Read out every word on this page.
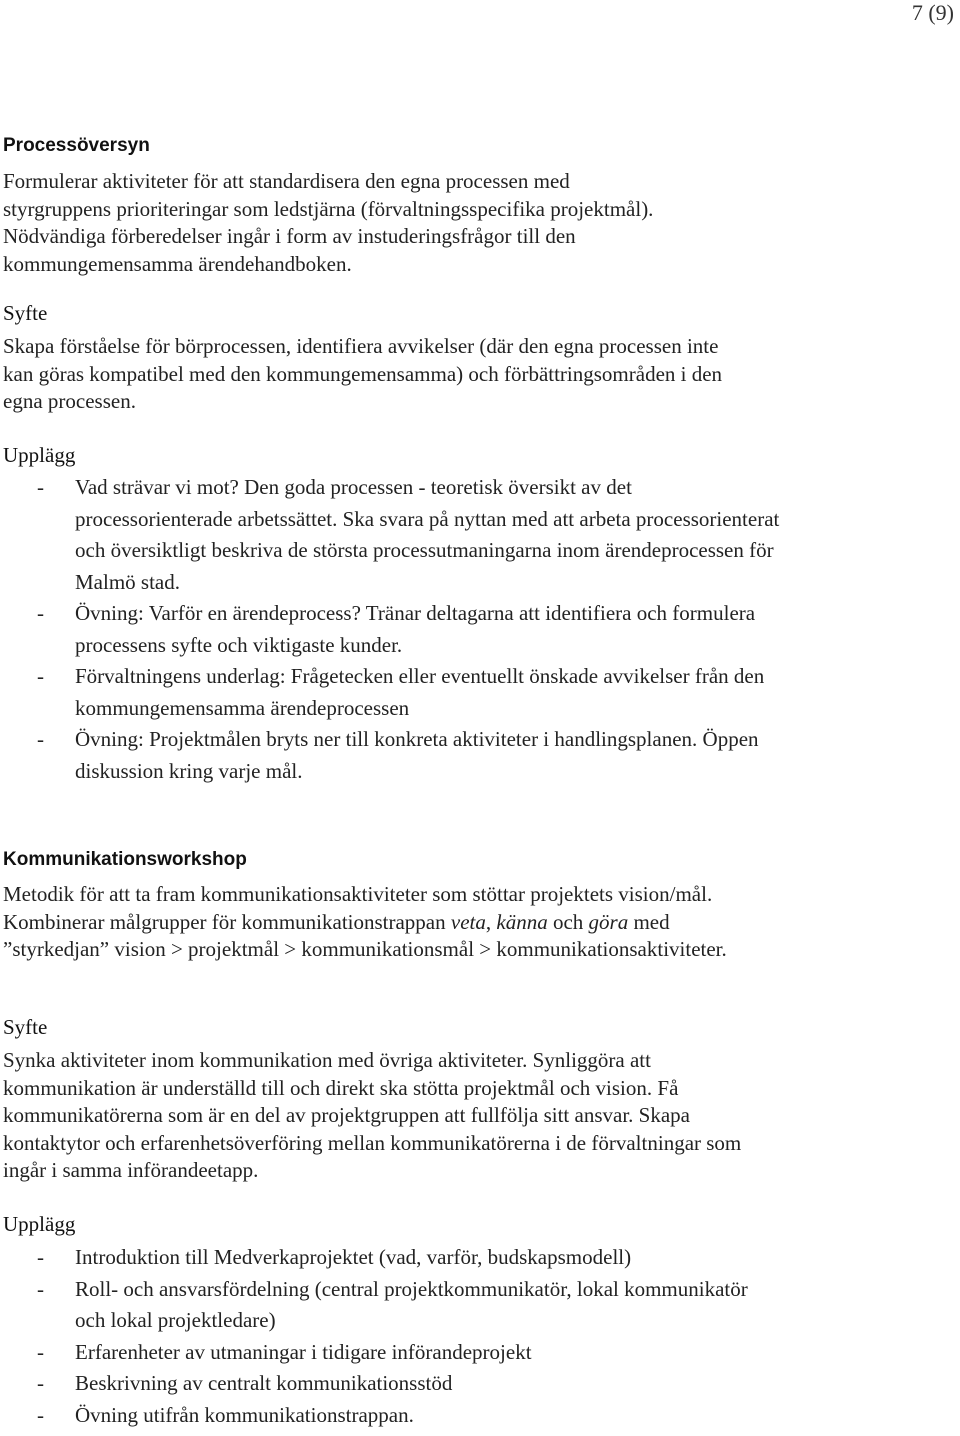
7 (9)
Processöversyn

Formulerar aktiviteter för att standardisera den egna processen med styrgruppens prioriteringar som ledstjärna (förvaltningsspecifika projektmål). Nödvändiga förberedelser ingår i form av instuderingsfrågor till den kommungemensamma ärendehandboken.

Syfte

Skapa förståelse för börprocessen, identifiera avvikelser (där den egna processen inte kan göras kompatibel med den kommungemensamma) och förbättringsområden i den egna processen.

Upplägg

- Vad strävar vi mot? Den goda processen - teoretisk översikt av det processorienterade arbetssättet. Ska svara på nyttan med att arbeta processorienterat och översiktligt beskriva de största processutmaningarna inom ärendeprocessen för Malmö stad.
- Övning: Varför en ärendeprocess? Tränar deltagarna att identifiera och formulera processens syfte och viktigaste kunder.
- Förvaltningens underlag: Frågetecken eller eventuellt önskade avvikelser från den kommungemensamma ärendeprocessen
- Övning: Projektmålen bryts ner till konkreta aktiviteter i handlingsplanen. Öppen diskussion kring varje mål.
Kommunikationsworkshop

Metodik för att ta fram kommunikationsaktiviteter som stöttar projektets vision/mål. Kombinerar målgrupper för kommunikationstrappan veta, känna och göra med ”styrkedjan” vision > projektmål > kommunikationsmål > kommunikationsaktiviteter.

Syfte

Synka aktiviteter inom kommunikation med övriga aktiviteter. Synliggöra att kommunikation är underställd till och direkt ska stötta projektmål och vision. Få kommunikatörerna som är en del av projektgruppen att fullfölja sitt ansvar. Skapa kontaktytor och erfarenhetsöverföring mellan kommunikatörerna i de förvaltningar som ingår i samma införandeetapp.

Upplägg

- Introduktion till Medverkaprojektet (vad, varför, budskapsmodell)
- Roll- och ansvarsfördelning (central projektkommunikatör, lokal kommunikatör och lokal projektledare)
- Erfarenheter av utmaningar i tidigare införandeprojekt
- Beskrivning av centralt kommunikationsstöd
- Övning utifrån kommunikationstrappan.
